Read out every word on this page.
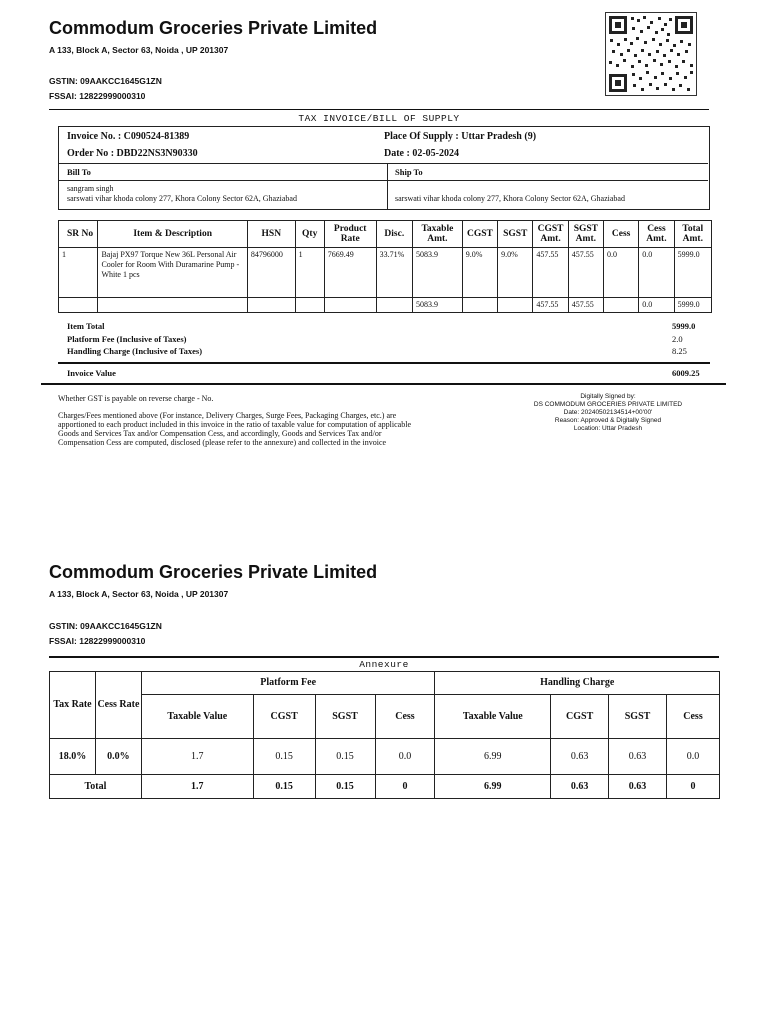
Commodum Groceries Private Limited
A 133, Block A, Sector 63, Noida , UP 201307
GSTIN: 09AAKCC1645G1ZN
FSSAI: 12822999000310
TAX INVOICE/BILL OF SUPPLY
Invoice No. : C090524-81389
Order No : DBD22NS3N90330
Place Of Supply : Uttar Pradesh (9)
Date : 02-05-2024
Bill To	Ship To
sangram singh
sarswati vihar khoda colony 277, Khora Colony Sector 62A, Ghaziabad	sarswati vihar khoda colony 277, Khora Colony Sector 62A, Ghaziabad
SR No	Item & Description	HSN	Qty	Product Rate	Disc.	Taxable Amt.	CGST	SGST	CGST Amt.	SGST Amt.	Cess	Cess Amt.	Total Amt.
1	Bajaj PX97 Torque New 36L Personal Air Cooler for Room With Duramarine Pump - White 1 pcs	84796000	1	7669.49	33.71%	5083.9	9.0%	9.0%	457.55	457.55	0.0	0.0	5999.0
						5083.9			457.55	457.55		0.0	5999.0
Item Total	5999.0
Platform Fee (Inclusive of Taxes)	2.0
Handling Charge (Inclusive of Taxes)	8.25
Invoice Value	6009.25
Whether GST is payable on reverse charge - No.
Charges/Fees mentioned above (For instance, Delivery Charges, Surge Fees, Packaging Charges, etc.) are apportioned to each product included in this invoice in the ratio of taxable value for computation of applicable Goods and Services Tax and/or Compensation Cess, and accordingly, Goods and Services Tax and/or Compensation Cess are computed, disclosed (please refer to the annexure) and collected in the invoice
Digitally Signed by:
DS COMMODUM GROCERIES PRIVATE LIMITED
Date: 20240502134514+00'00'
Reason: Approved & Digitally Signed
Location: Uttar Pradesh
Commodum Groceries Private Limited
A 133, Block A, Sector 63, Noida , UP 201307
GSTIN: 09AAKCC1645G1ZN
FSSAI: 12822999000310
Annexure
Tax Rate	Cess Rate	Platform Fee				Handling Charge			
		Taxable Value	CGST	SGST	Cess	Taxable Value	CGST	SGST	Cess
18.0%	0.0%	1.7	0.15	0.15	0.0	6.99	0.63	0.63	0.0
Total		1.7	0.15	0.15	0	6.99	0.63	0.63	0
